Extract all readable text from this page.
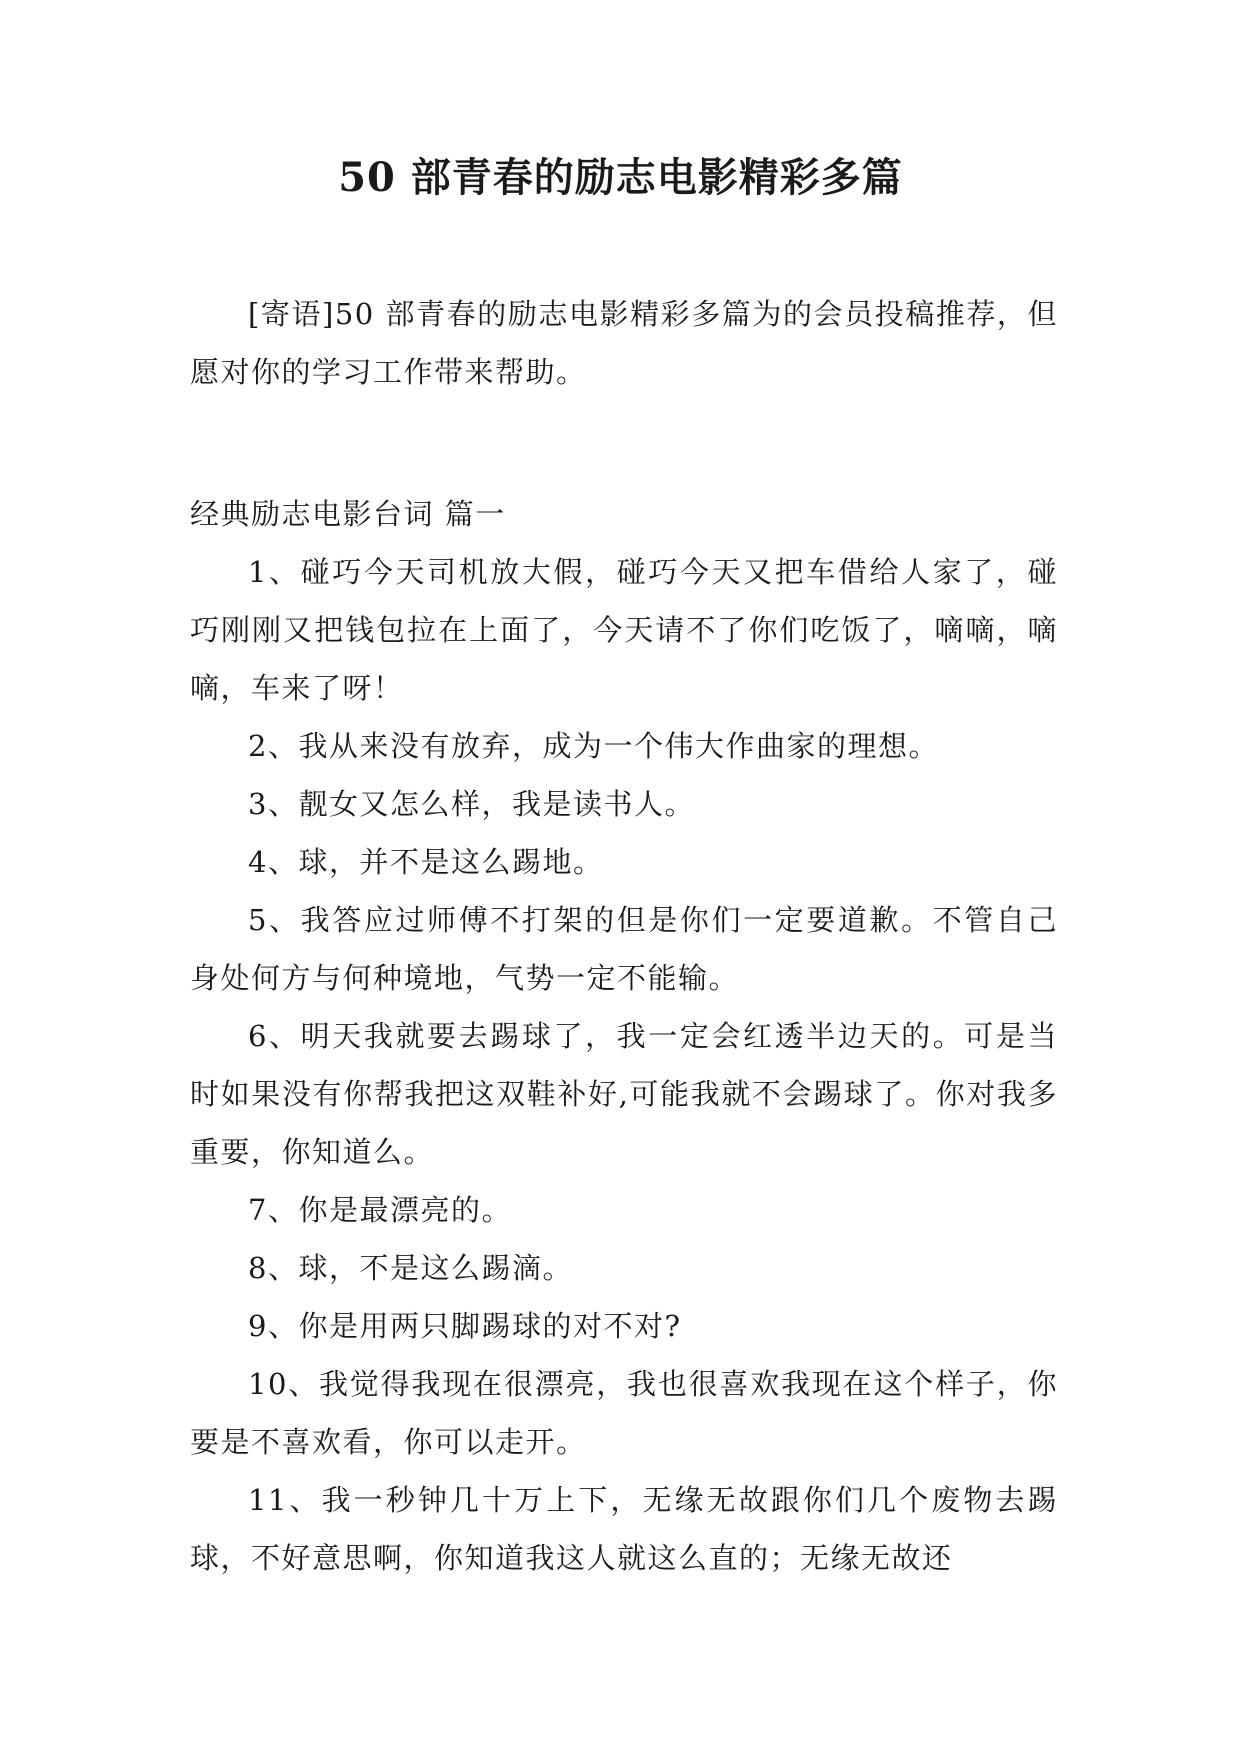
50 部青春的励志电影精彩多篇

[寄语]50 部青春的励志电影精彩多篇为的会员投稿推荐，但愿对你的学习工作带来帮助。

经典励志电影台词 篇一

1、碰巧今天司机放大假，碰巧今天又把车借给人家了，碰巧刚刚又把钱包拉在上面了，今天请不了你们吃饭了，嘀嘀，嘀嘀，车来了呀！

2、我从来没有放弃，成为一个伟大作曲家的理想。

3、靓女又怎么样，我是读书人。

4、球，并不是这么踢地。

5、我答应过师傅不打架的但是你们一定要道歉。不管自己身处何方与何种境地，气势一定不能输。

6、明天我就要去踢球了，我一定会红透半边天的。可是当时如果没有你帮我把这双鞋补好,可能我就不会踢球了。你对我多重要，你知道么。

7、你是最漂亮的。

8、球，不是这么踢滴。

9、你是用两只脚踢球的对不对?

10、我觉得我现在很漂亮，我也很喜欢我现在这个样子，你要是不喜欢看，你可以走开。

11、我一秒钟几十万上下，无缘无故跟你们几个废物去踢球，不好意思啊，你知道我这人就这么直的；无缘无故还
